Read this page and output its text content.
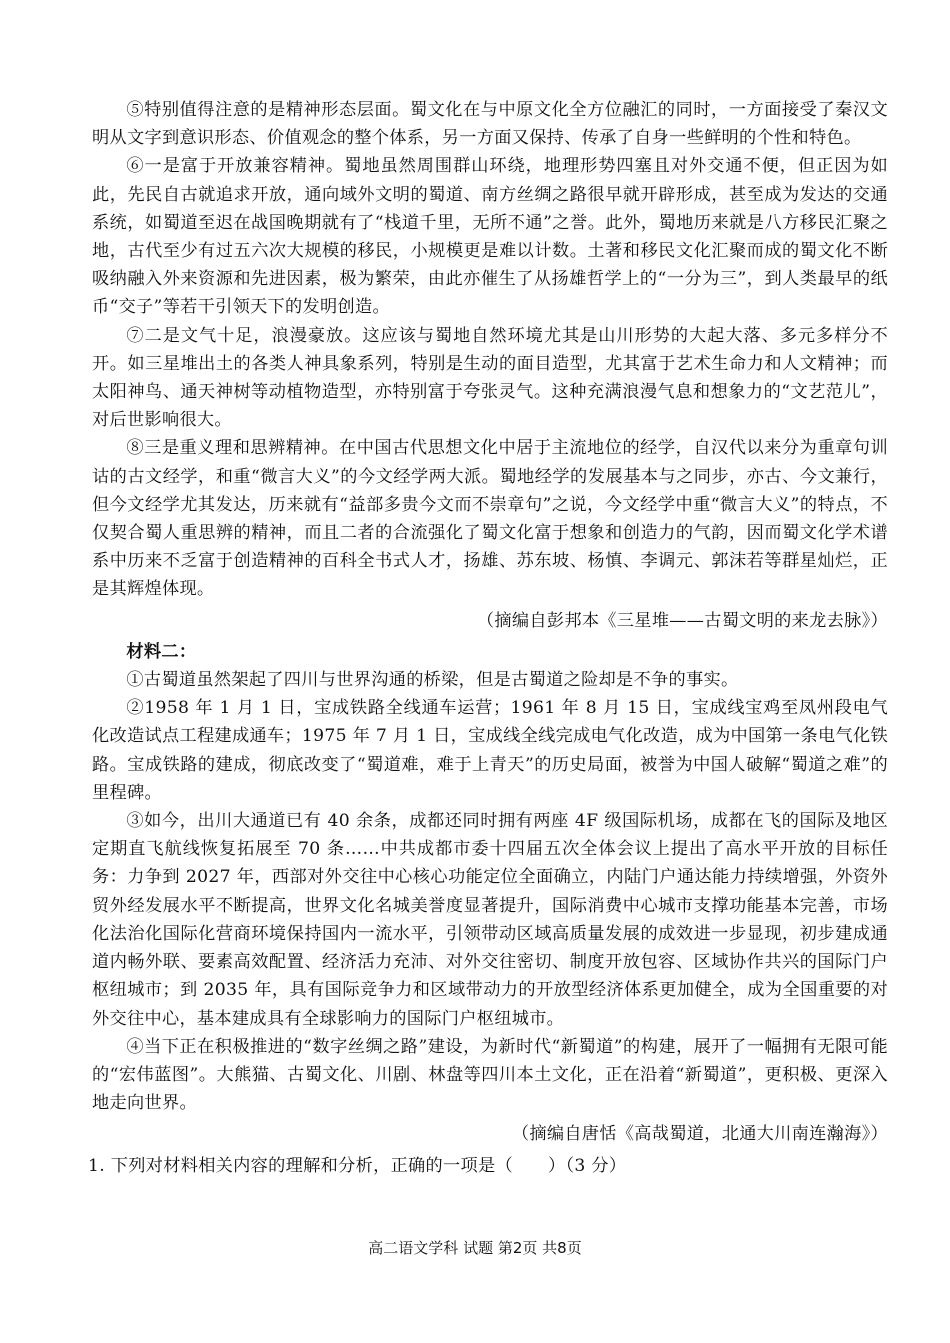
⑤特别值得注意的是精神形态层面。蜀文化在与中原文化全方位融汇的同时，一方面接受了秦汉文明从文字到意识形态、价值观念的整个体系，另一方面又保持、传承了自身一些鲜明的个性和特色。

⑥一是富于开放兼容精神。蜀地虽然周围群山环绕，地理形势四塞且对外交通不便，但正因为如此，先民自古就追求开放，通向域外文明的蜀道、南方丝绸之路很早就开辟形成，甚至成为发达的交通系统，如蜀道至迟在战国晚期就有了“栈道千里，无所不通”之誉。此外，蜀地历来就是八方移民汇聚之地，古代至少有过五六次大规模的移民，小规模更是难以计数。土著和移民文化汇聚而成的蜀文化不断吸纳融入外来资源和先进因素，极为繁荣，由此亦催生了从扬雄哲学上的“一分为三”，到人类最早的纸币“交子”等若干引领天下的发明创造。

⑦二是文气十足，浪漫豪放。这应该与蜀地自然环境尤其是山川形势的大起大落、多元多样分不开。如三星堆出土的各类人神具象系列，特别是生动的面目造型，尤其富于艺术生命力和人文精神；而太阳神鸟、通天神树等动植物造型，亦特别富于夸张灵气。这种充满浪漫气息和想象力的“文艺范儿”，对后世影响很大。

⑧三是重义理和思辨精神。在中国古代思想文化中居于主流地位的经学，自汉代以来分为重章句训诂的古文经学，和重“微言大义”的今文经学两大派。蜀地经学的发展基本与之同步，亦古、今文兼行，但今文经学尤其发达，历来就有“益部多贵今文而不崇章句”之说，今文经学中重“微言大义”的特点，不仅契合蜀人重思辨的精神，而且二者的合流强化了蜀文化富于想象和创造力的气韵，因而蜀文化学术谱系中历来不乏富于创造精神的百科全书式人才，扬雄、苏东坡、杨慎、李调元、郭沫若等群星灿烂，正是其辉煌体现。

（摘编自彭邦本《三星堆——古蜀文明的来龙去脉》）

材料二：

①古蜀道虽然架起了四川与世界沟通的桥梁，但是古蜀道之险却是不争的事实。

②1958 年 1 月 1 日，宝成铁路全线通车运营；1961 年 8 月 15 日，宝成线宝鸡至凤州段电气化改造试点工程建成通车；1975 年 7 月 1 日，宝成线全线完成电气化改造，成为中国第一条电气化铁路。宝成铁路的建成，彻底改变了“蜀道难，难于上青天”的历史局面，被誉为中国人破解“蜀道之难”的里程碑。

③如今，出川大通道已有 40 余条，成都还同时拥有两座 4F 级国际机场，成都在飞的国际及地区定期直飞航线恢复拓展至 70 条……中共成都市委十四届五次全体会议上提出了高水平开放的目标任务：力争到 2027 年，西部对外交往中心核心功能定位全面确立，内陆门户通达能力持续增强，外资外贸外经发展水平不断提高，世界文化名城美誉度显著提升，国际消费中心城市支撑功能基本完善，市场化法治化国际化营商环境保持国内一流水平，引领带动区域高质量发展的成效进一步显现，初步建成通道内畅外联、要素高效配置、经济活力充沛、对外交往密切、制度开放包容、区域协作共兴的国际门户枢纽城市；到 2035 年，具有国际竞争力和区域带动力的开放型经济体系更加健全，成为全国重要的对外交往中心，基本建成具有全球影响力的国际门户枢纽城市。

④当下正在积极推进的“数字丝绸之路”建设，为新时代“新蜀道”的构建，展开了一幅拥有无限可能的“宏伟蓝图”。大熊猫、古蜀文化、川剧、林盘等四川本土文化，正在沿着“新蜀道”，更积极、更深入地走向世界。

（摘编自唐恬《高哉蜀道，北通大川南连瀚海》）

1. 下列对材料相关内容的理解和分析，正确的一项是（　　）（3 分）

高二语文学科 试题 第2页 共8页
